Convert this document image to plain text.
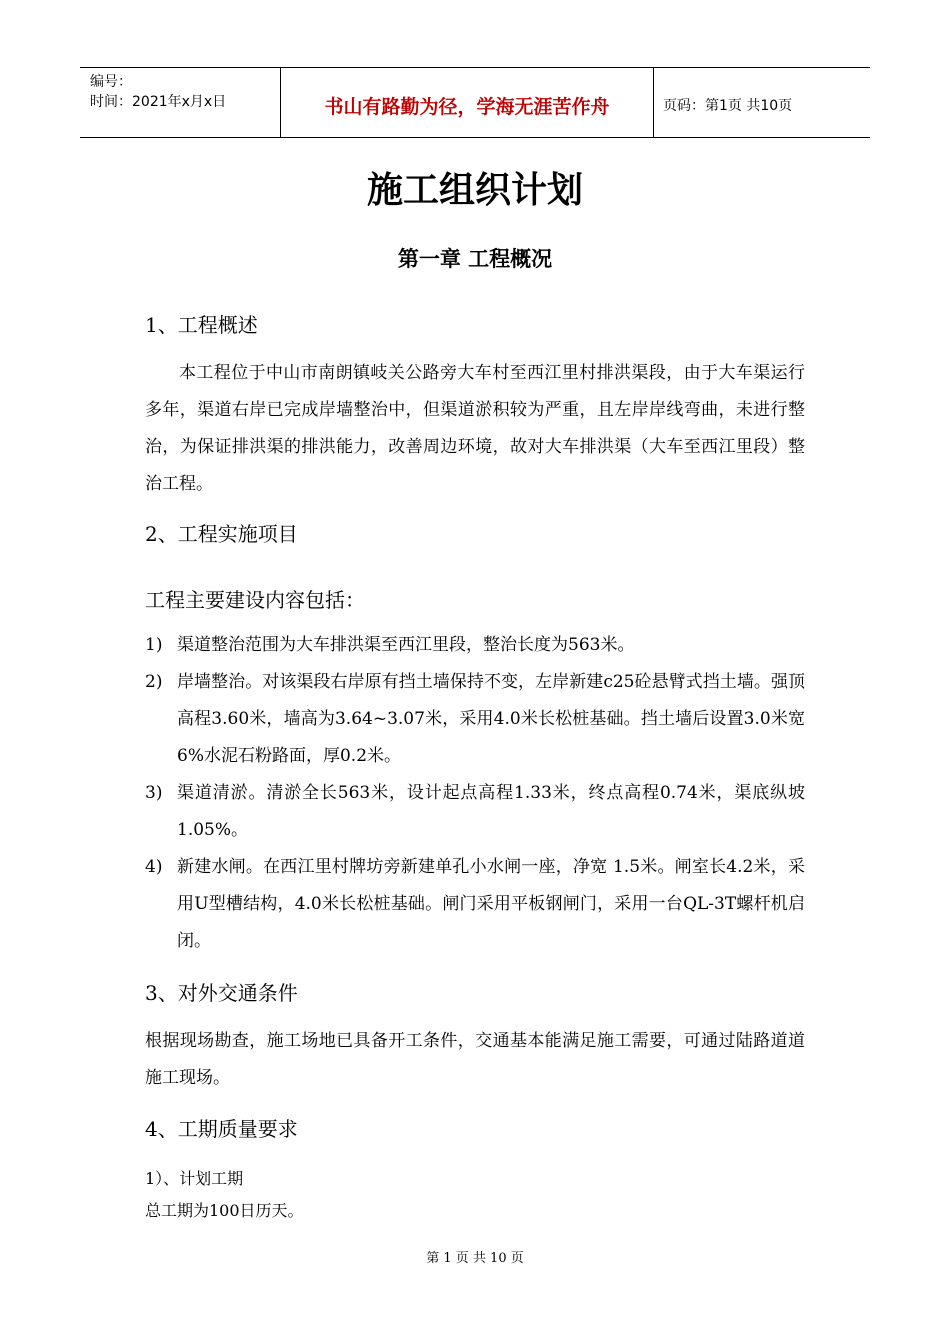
编号：
时间：2021年x月x日	书山有路勤为径，学海无涯苦作舟	页码：第1页 共10页
施工组织计划
第一章 工程概况
1、工程概述
本工程位于中山市南朗镇岐关公路旁大车村至西江里村排洪渠段，由于大车渠运行多年，渠道右岸已完成岸墙整治中，但渠道淤积较为严重，且左岸岸线弯曲，未进行整治，为保证排洪渠的排洪能力，改善周边环境，故对大车排洪渠（大车至西江里段）整治工程。
2、工程实施项目
工程主要建设内容包括：
1) 渠道整治范围为大车排洪渠至西江里段，整治长度为563米。
2) 岸墙整治。对该渠段右岸原有挡土墙保持不变，左岸新建c25砼悬臂式挡土墙。强顶高程3.60米，墙高为3.64~3.07米，采用4.0米长松桩基础。挡土墙后设置3.0米宽6%水泥石粉路面，厚0.2米。
3) 渠道清淤。清淤全长563米，设计起点高程1.33米，终点高程0.74米，渠底纵坡1.05%。
4) 新建水闸。在西江里村牌坊旁新建单孔小水闸一座，净宽 1.5米。闸室长4.2米，采用U型槽结构，4.0米长松桩基础。闸门采用平板钢闸门，采用一台QL-3T螺杆机启闭。
3、对外交通条件
根据现场勘查，施工场地已具备开工条件，交通基本能满足施工需要，可通过陆路道道施工现场。
4、工期质量要求
1）、计划工期
总工期为100日历天。
第 1 页 共 10 页
